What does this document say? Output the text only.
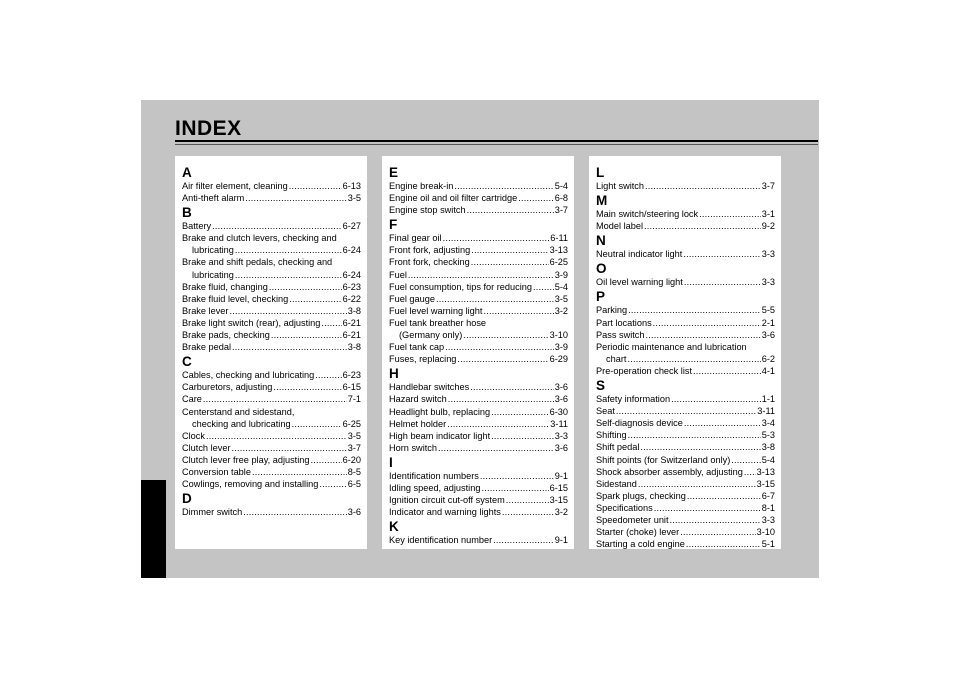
INDEX
A
Air filter element, cleaning .....	6-13
Anti-theft alarm .....	3-5
B
Battery .....	6-27
Brake and clutch levers, checking and
lubricating .....	6-24
Brake and shift pedals, checking and
lubricating .....	6-24
Brake fluid, changing .....	6-23
Brake fluid level, checking .....	6-22
Brake lever .....	3-8
Brake light switch (rear), adjusting ..... 6-21
Brake pads, checking .....	6-21
Brake pedal .....	3-8
C
Cables, checking and lubricating .....	6-23
Carburetors, adjusting .....	6-15
Care .....	7-1
Centerstand and sidestand,
checking and lubricating .....	6-25
Clock .....	3-5
Clutch lever .....	3-7
Clutch lever free play, adjusting .....	6-20
Conversion table .....	8-5
Cowlings, removing and installing .....	6-5
D
Dimmer switch .....	3-6
E
Engine break-in .....	5-4
Engine oil and oil filter cartridge .....	6-8
Engine stop switch .....	3-7
F
Final gear oil .....	6-11
Front fork, adjusting .....	3-13
Front fork, checking .....	6-25
Fuel .....	3-9
Fuel consumption, tips for reducing ..... 5-4
Fuel gauge .....	3-5
Fuel level warning light .....	3-2
Fuel tank breather hose
(Germany only) .....	3-10
Fuel tank cap .....	3-9
Fuses, replacing .....	6-29
H
Handlebar switches .....	3-6
Hazard switch .....	3-6
Headlight bulb, replacing .....	6-30
Helmet holder .....	3-11
High beam indicator light .....	3-3
Horn switch .....	3-6
I
Identification numbers .....	9-1
Idling speed, adjusting .....	6-15
Ignition circuit cut-off system .....	3-15
Indicator and warning lights .....	3-2
K
Key identification number .....	9-1
L
Light switch .....	3-7
M
Main switch/steering lock .....	3-1
Model label .....	9-2
N
Neutral indicator light .....	3-3
O
Oil level warning light .....	3-3
P
Parking .....	5-5
Part locations .....	2-1
Pass switch .....	3-6
Periodic maintenance and lubrication
chart .....	6-2
Pre-operation check list .....	4-1
S
Safety information .....	1-1
Seat .....	3-11
Self-diagnosis device .....	3-4
Shifting .....	5-3
Shift pedal .....	3-8
Shift points (for Switzerland only) .....	5-4
Shock absorber assembly, adjusting ..... 3-13
Sidestand .....	3-15
Spark plugs, checking .....	6-7
Specifications .....	8-1
Speedometer unit .....	3-3
Starter (choke) lever .....	3-10
Starting a cold engine .....	5-1
